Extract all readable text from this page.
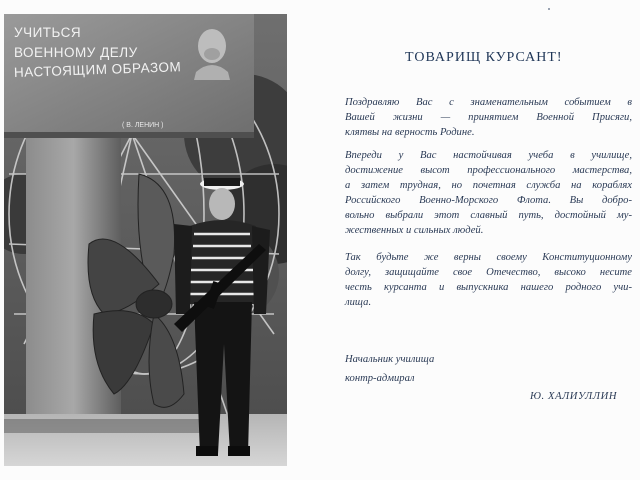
УЧИТЬСЯ
ВОЕННОМУ ДЕЛУ
НАСТОЯЩИМ ОБРАЗОМ
( В. ЛЕНИН )
ТОВАРИЩ КУРСАНТ!
Поздравляю Вас с знаменательным событием в
Вашей жизни — принятием Военной Присяги,
клятвы на верность Родине.
Впереди у Вас настойчивая учеба в училище,
достижение высот профессионального мастерства,
а затем трудная, но почетная служба на кораблях
Российского Военно-Морского Флота. Вы добро-
вольно выбрали этот славный путь, достойный му-
жественных и сильных людей.
Так будьте же верны своему Конституционному
долгу, защищайте свое Отечество, высоко несите
честь курсанта и выпускника нашего родного учи-
лища.
Начальник училища
контр-адмирал
Ю. ХАЛИУЛЛИН
